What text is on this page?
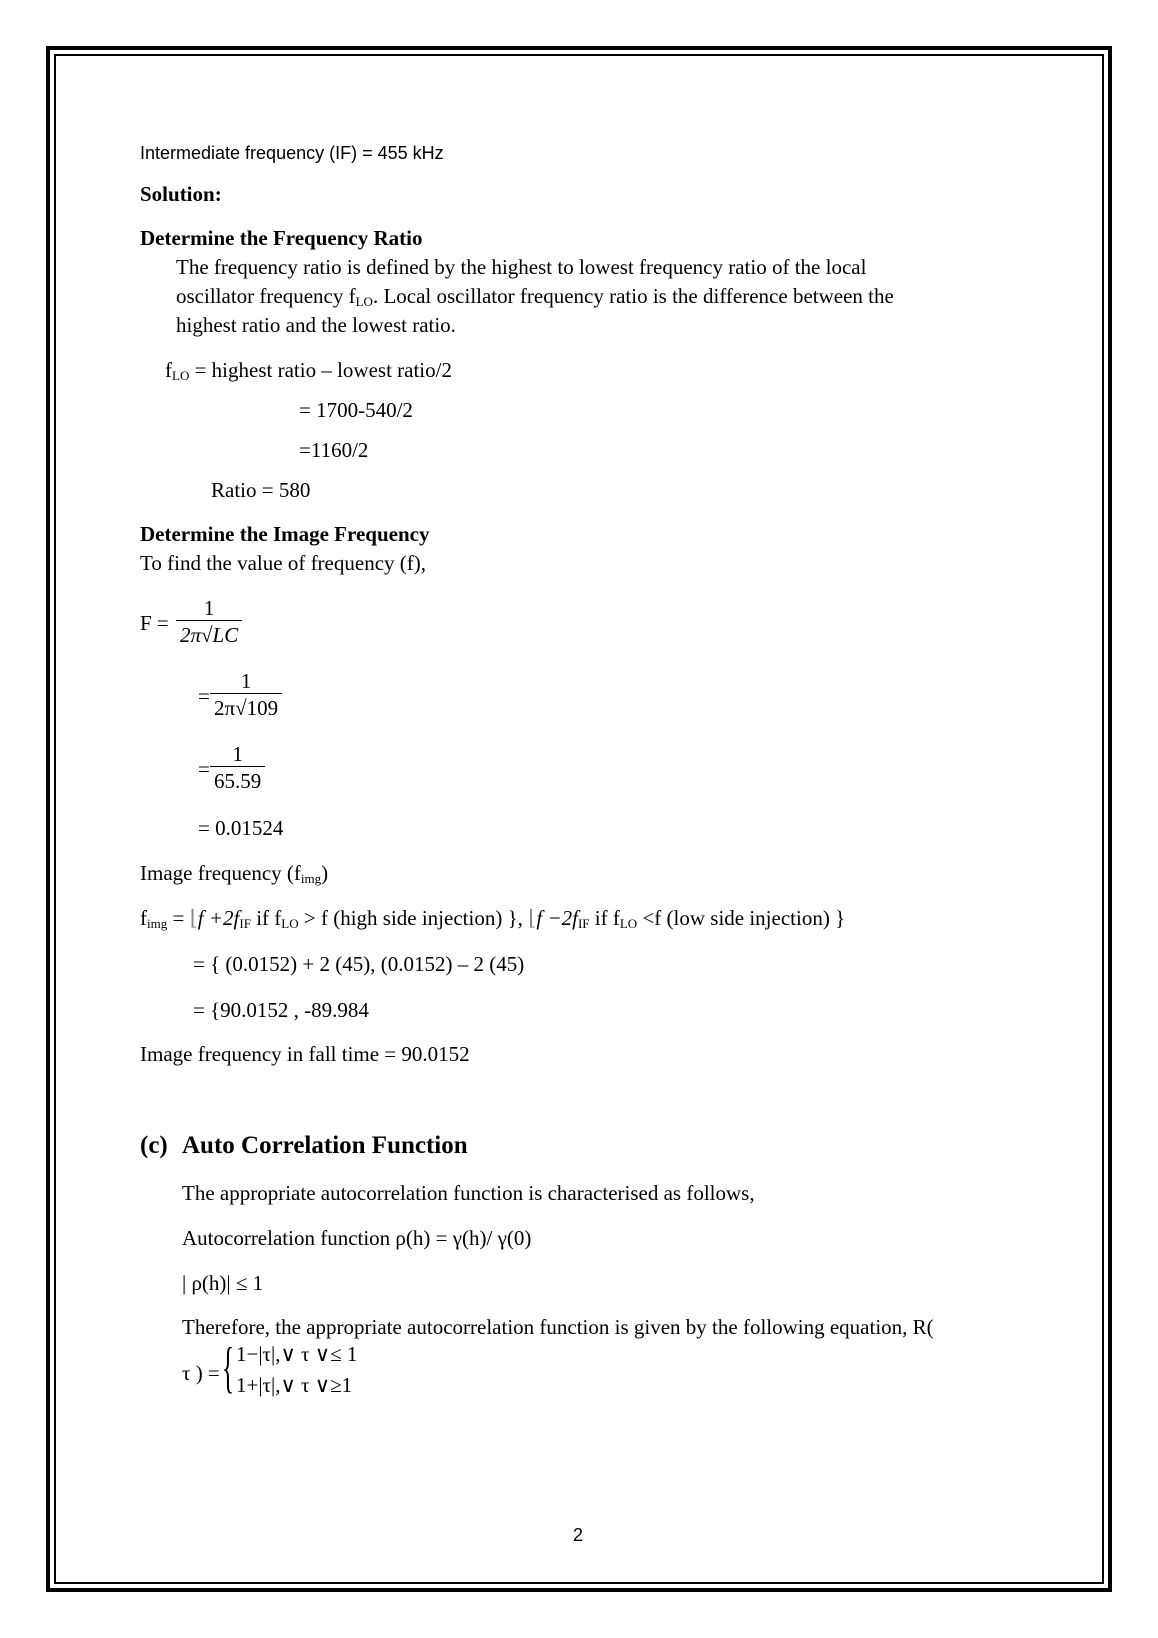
Intermediate frequency (IF) = 455 kHz
Solution:
Determine the Frequency Ratio
The frequency ratio is defined by the highest to lowest frequency ratio of the local
oscillator frequency $f_{LO}$. Local oscillator frequency ratio is the difference between the
highest ratio and the lowest ratio.
$f_{LO}$ = highest ratio – lowest ratio/2
= 1700-540/2
=1160/2
Ratio = 580
Determine the Image Frequency
To find the value of frequency (f),
$F = \frac{1}{2\pi√LC}$
= $\frac{1}{2\pi√109}$
= $\frac{1}{65.59}$
= 0.01524
Image frequency $(f_{img})$
$f_{img}$ = ⌊f $+2f_{IF}$ if $f_{LO} > f$ (high side injection) }, ⌊f $-2f_{IF}$ if $f_{LO} <f$ (low side injection) }
= { (0.0152) + 2 (45), (0.0152) – 2 (45)
= {90.0152 , -89.984
Image frequency in fall time = 90.0152
(c) Auto Correlation Function
The appropriate autocorrelation function is characterised as follows,
Autocorrelation function ρ(h) = γ(h)/ γ(0)
| ρ(h)| ≤ 1
Therefore, the appropriate autocorrelation function is given by the following equation, R(
τ ) = { 1−|τ|,∨ τ ∨≤ 1
1+|τ|,∨ τ ∨≥1
2
